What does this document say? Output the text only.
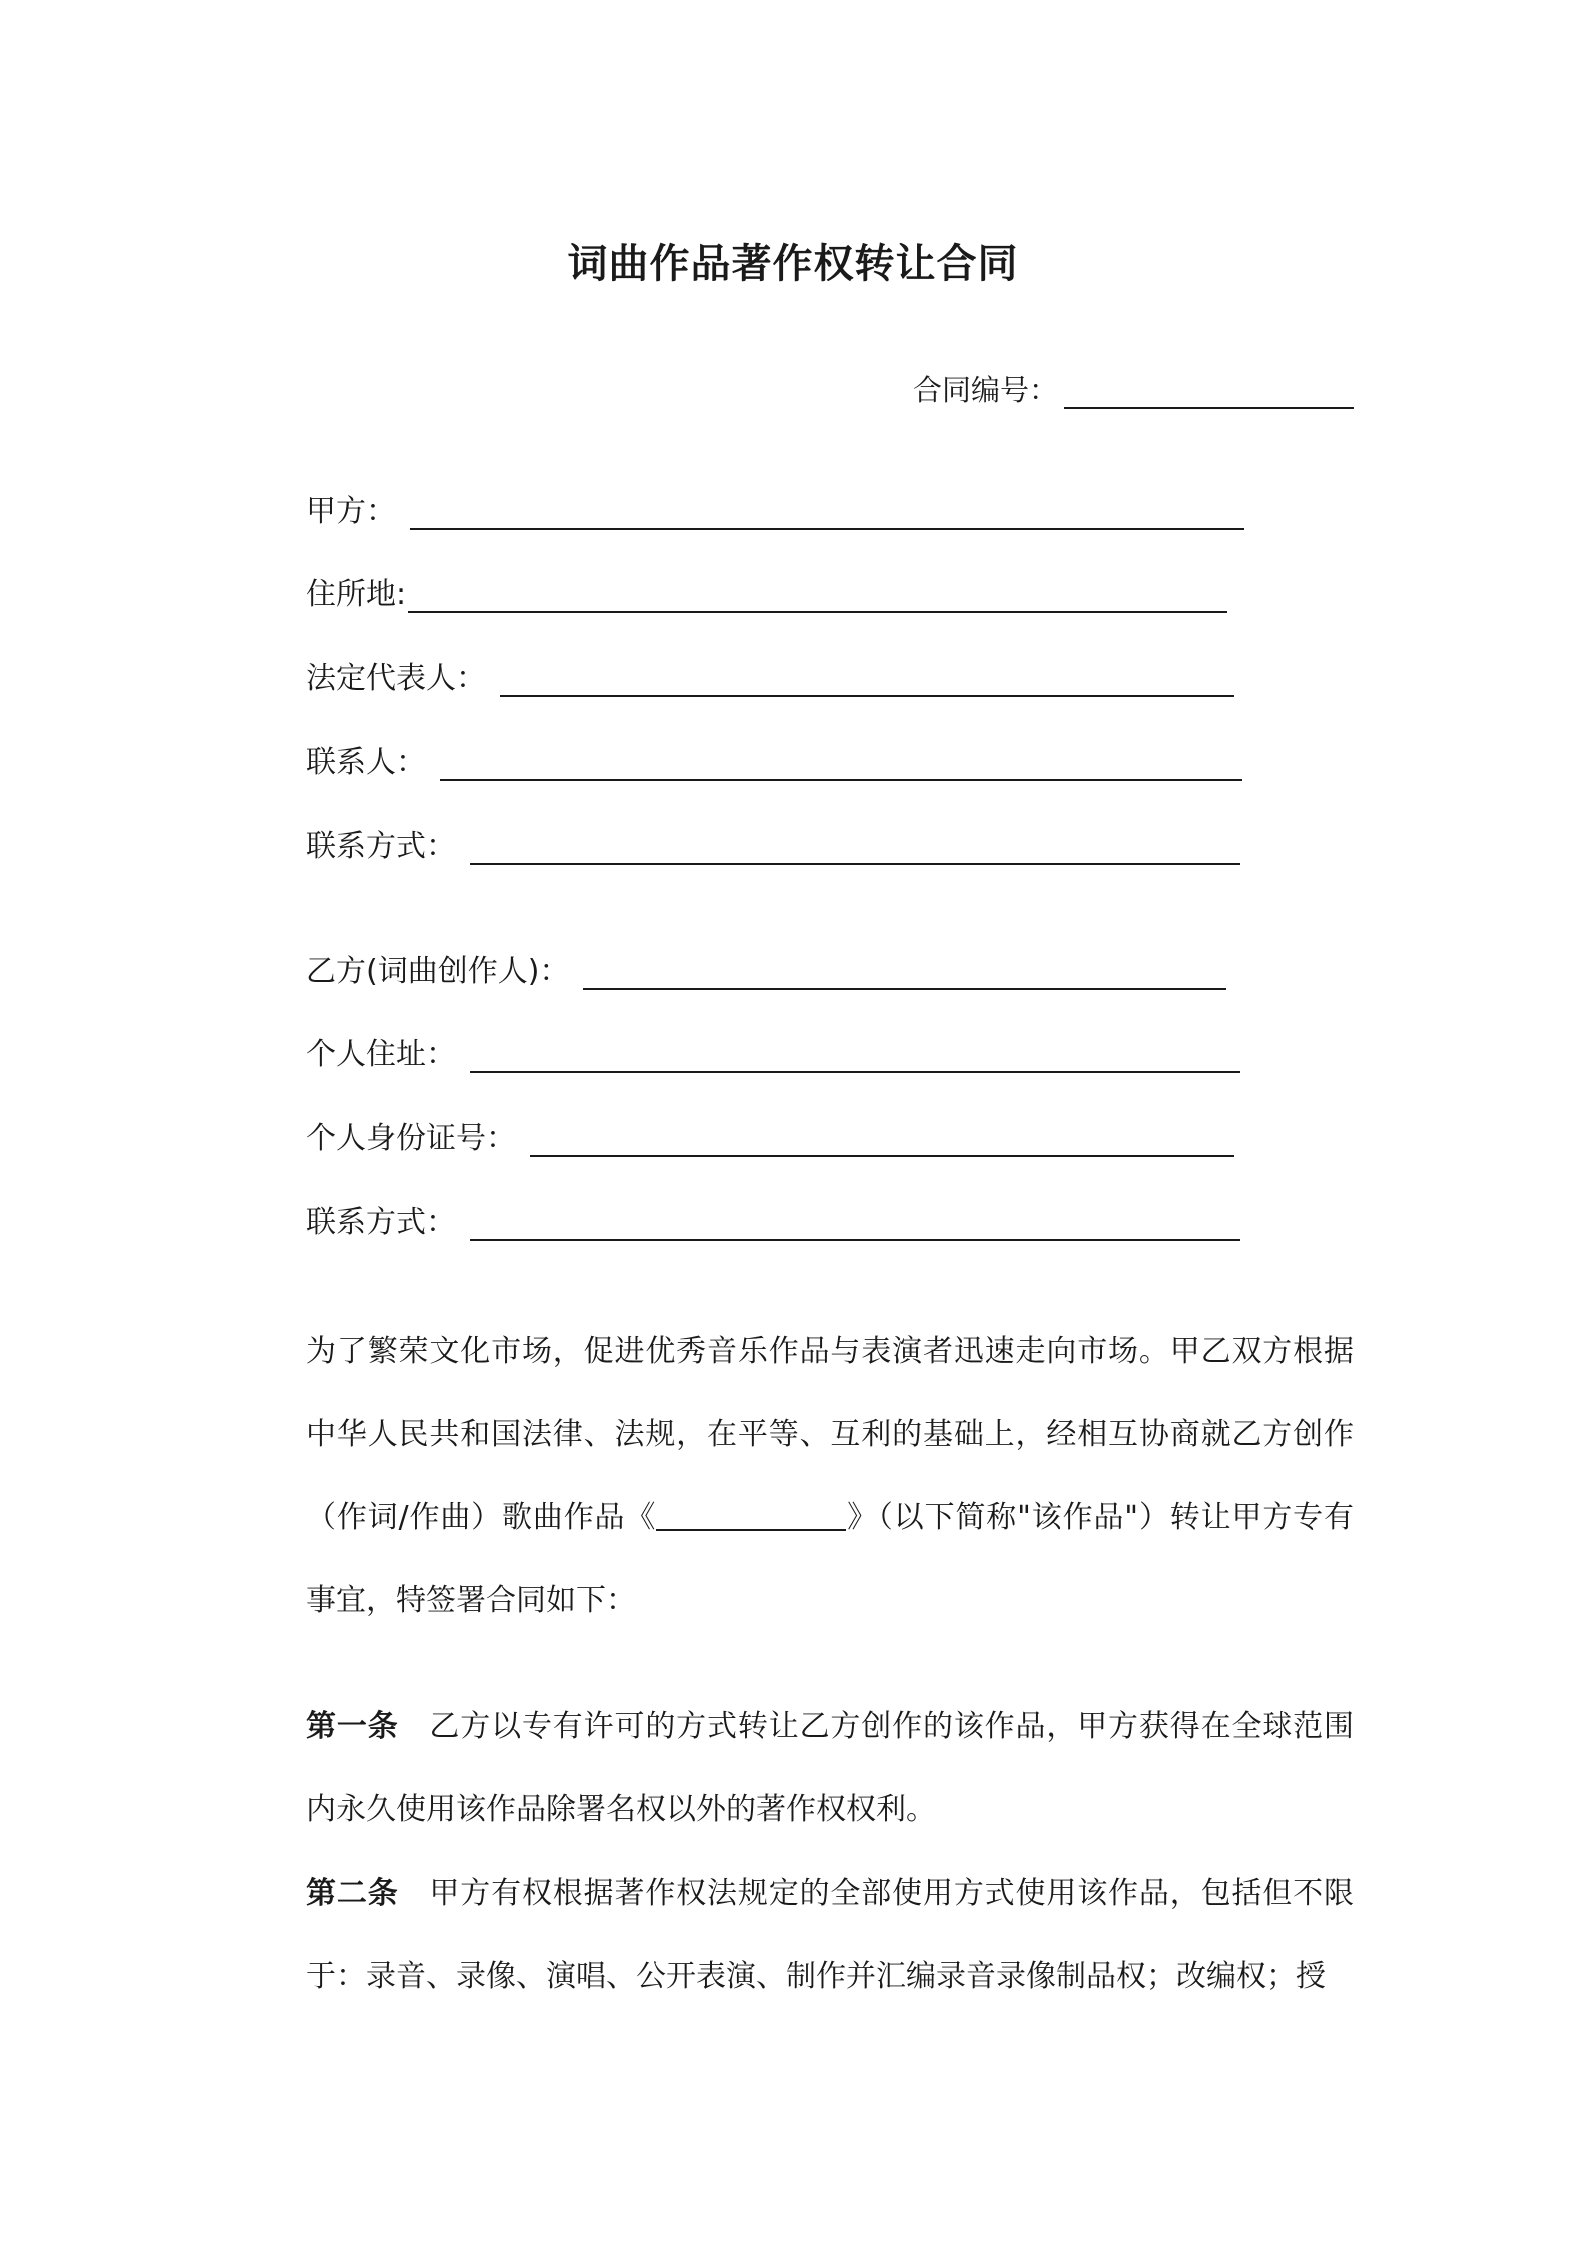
词曲作品著作权转让合同
合同编号：
甲方：
住所地:
法定代表人：
联系人：
联系方式：
乙方(词曲创作人)：
个人住址：
个人身份证号：
联系方式：
为了繁荣文化市场，促进优秀音乐作品与表演者迅速走向市场。甲乙双方根据中华人民共和国法律、法规，在平等、互利的基础上，经相互协商就乙方创作（作词/作曲）歌曲作品《	》（以下简称"该作品"）转让甲方专有事宜，特签署合同如下：
第一条 乙方以专有许可的方式转让乙方创作的该作品，甲方获得在全球范围内永久使用该作品除署名权以外的著作权权利。
第二条 甲方有权根据著作权法规定的全部使用方式使用该作品，包括但不限于：录音、录像、演唱、公开表演、制作并汇编录音录像制品权；改编权；授
